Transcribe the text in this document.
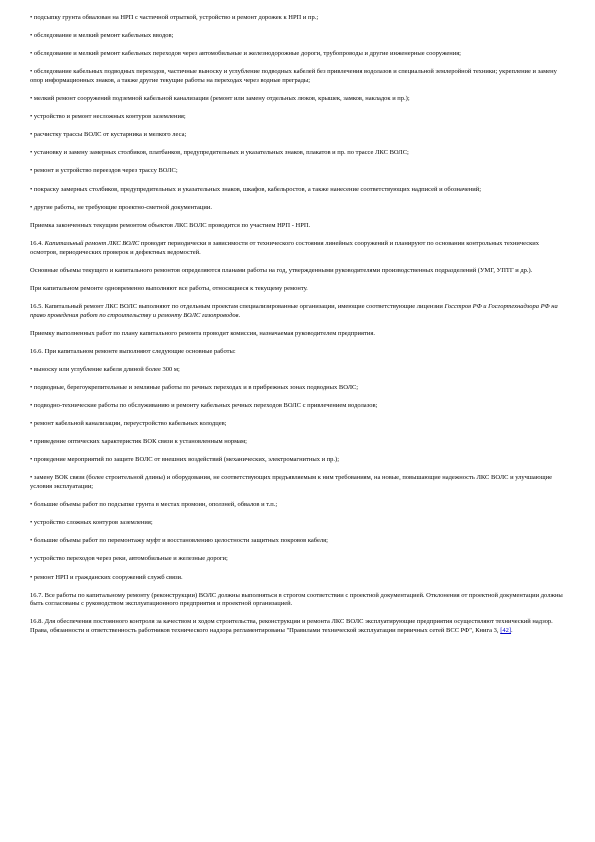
• подсыпку грунта обвалован на НРП с частичной отрыткой, устройство и ремонт дорожек к НРП и пр.;

• обследование и мелкий ремонт кабельных вводов;

• обследование и мелкий ремонт кабельных переходов через автомобильные и железнодорожные дороги, трубопроводы и другие инженерные сооружения;

• обследование кабельных подводных переходов, частичные выноску и углубление подводных кабелей без привлечения водолазов и специальной землеройной техники; укрепление и замену опор информационных знаков, а также другие текущие работы на переходах через водные преграды;

• мелкий ремонт сооружений подземной кабельной канализации (ремонт или замену отдельных люков, крышек, замков, накладок и пр.);

• устройство и ремонт несложных контуров заземления;

• расчистку трассы ВОЛС от кустарника и мелкого леса;

• установку и замену замерных столбиков, платбанков, предупредительных и указательных знаков, плакатов и пр. по трассе ЛКС ВОЛС;

• ремонт и устройство переездов через трассу ВОЛС;

• покраску замерных столбиков, предупредительных и указательных знаков, шкафов, кабельростов, а также нанесение соответствующих надписей и обозначений;

• другие работы, не требующие проектно-сметной документации.

Приемка законченных текущим ремонтом объектов ЛКС ВОЛС проводится по участием НРП - НРП.

16.4. Капитальный ремонт ЛКС ВОЛС проводят периодически в зависимости от технического состояния линейных сооружений и планируют по основании контрольных технических осмотров, периодических проверок и дефектных ведомостей.

Основные объемы текущего и капитального ремонтов определяются планами работы на год, утвержденными руководителями производственных подразделений (УМГ, УПТГ и др.).

При капитальном ремонте одновременно выполняют все работы, относящиеся к текущему ремонту.

16.5. Капитальный ремонт ЛКС ВОЛС выполняют по отдельным проектам специализированные организации, имеющие соответствующие лицензии Госстроя РФ и Госгортехнадзора РФ на право проведения работ по строительству и ремонту ВОЛС газопроводов.

Приемку выполненных работ по плану капитального ремонта проводит комиссия, назначаемая руководителем предприятия.

16.6. При капитальном ремонте выполняют следующие основные работы:

• выноску или углубление кабеля длиной более 300 м;

• подводные, берегоукрепительные и земляные работы по речных переходах и в прибрежных зонах подводных ВОЛС;

• подводно-технические работы по обслуживанию и ремонту кабельных речных переходов ВОЛС с привлечением водолазов;

• ремонт кабельной канализации, переустройство кабельных колодцев;

• приведение оптических характеристик ВОК связи к установленным нормам;

• проведение мероприятий по защите ВОЛС от внешних воздействий (механических, электромагнитных и пр.);

• замену ВОК связи (более строительной длины) и оборудования, не соответствующих предъявляемым к ним требованиям, на новые, повышающие надежность ЛКС ВОЛС и улучшающие условия эксплуатации;

• большие объемы работ по подсыпке грунта в местах промоин, оползней, обвалов и т.п.;

• устройство сложных контуров заземления;

• большие объемы работ по перемонтажу муфт и восстановлению целостности защитных покровов кабеля;

• устройство переходов через реки, автомобильные и железные дороги;

• ремонт НРП и гражданских сооружений служб связи.

16.7. Все работы по капитальному ремонту (реконструкции) ВОЛС должны выполняться в строгом соответствии с проектной документацией. Отклонения от проектной документации должны быть согласованы с руководством эксплуатационного предприятия и проектной организацией.

16.8. Для обеспечения постоянного контроля за качеством и ходом строительства, реконструкции и ремонта ЛКС ВОЛС эксплуатирующие предприятия осуществляют технический надзор. Права, обязанности и ответственность работников технического надзора регламентированы "Правилами технической эксплуатации первичных сетей ВСС РФ", Книга 3, [42].
